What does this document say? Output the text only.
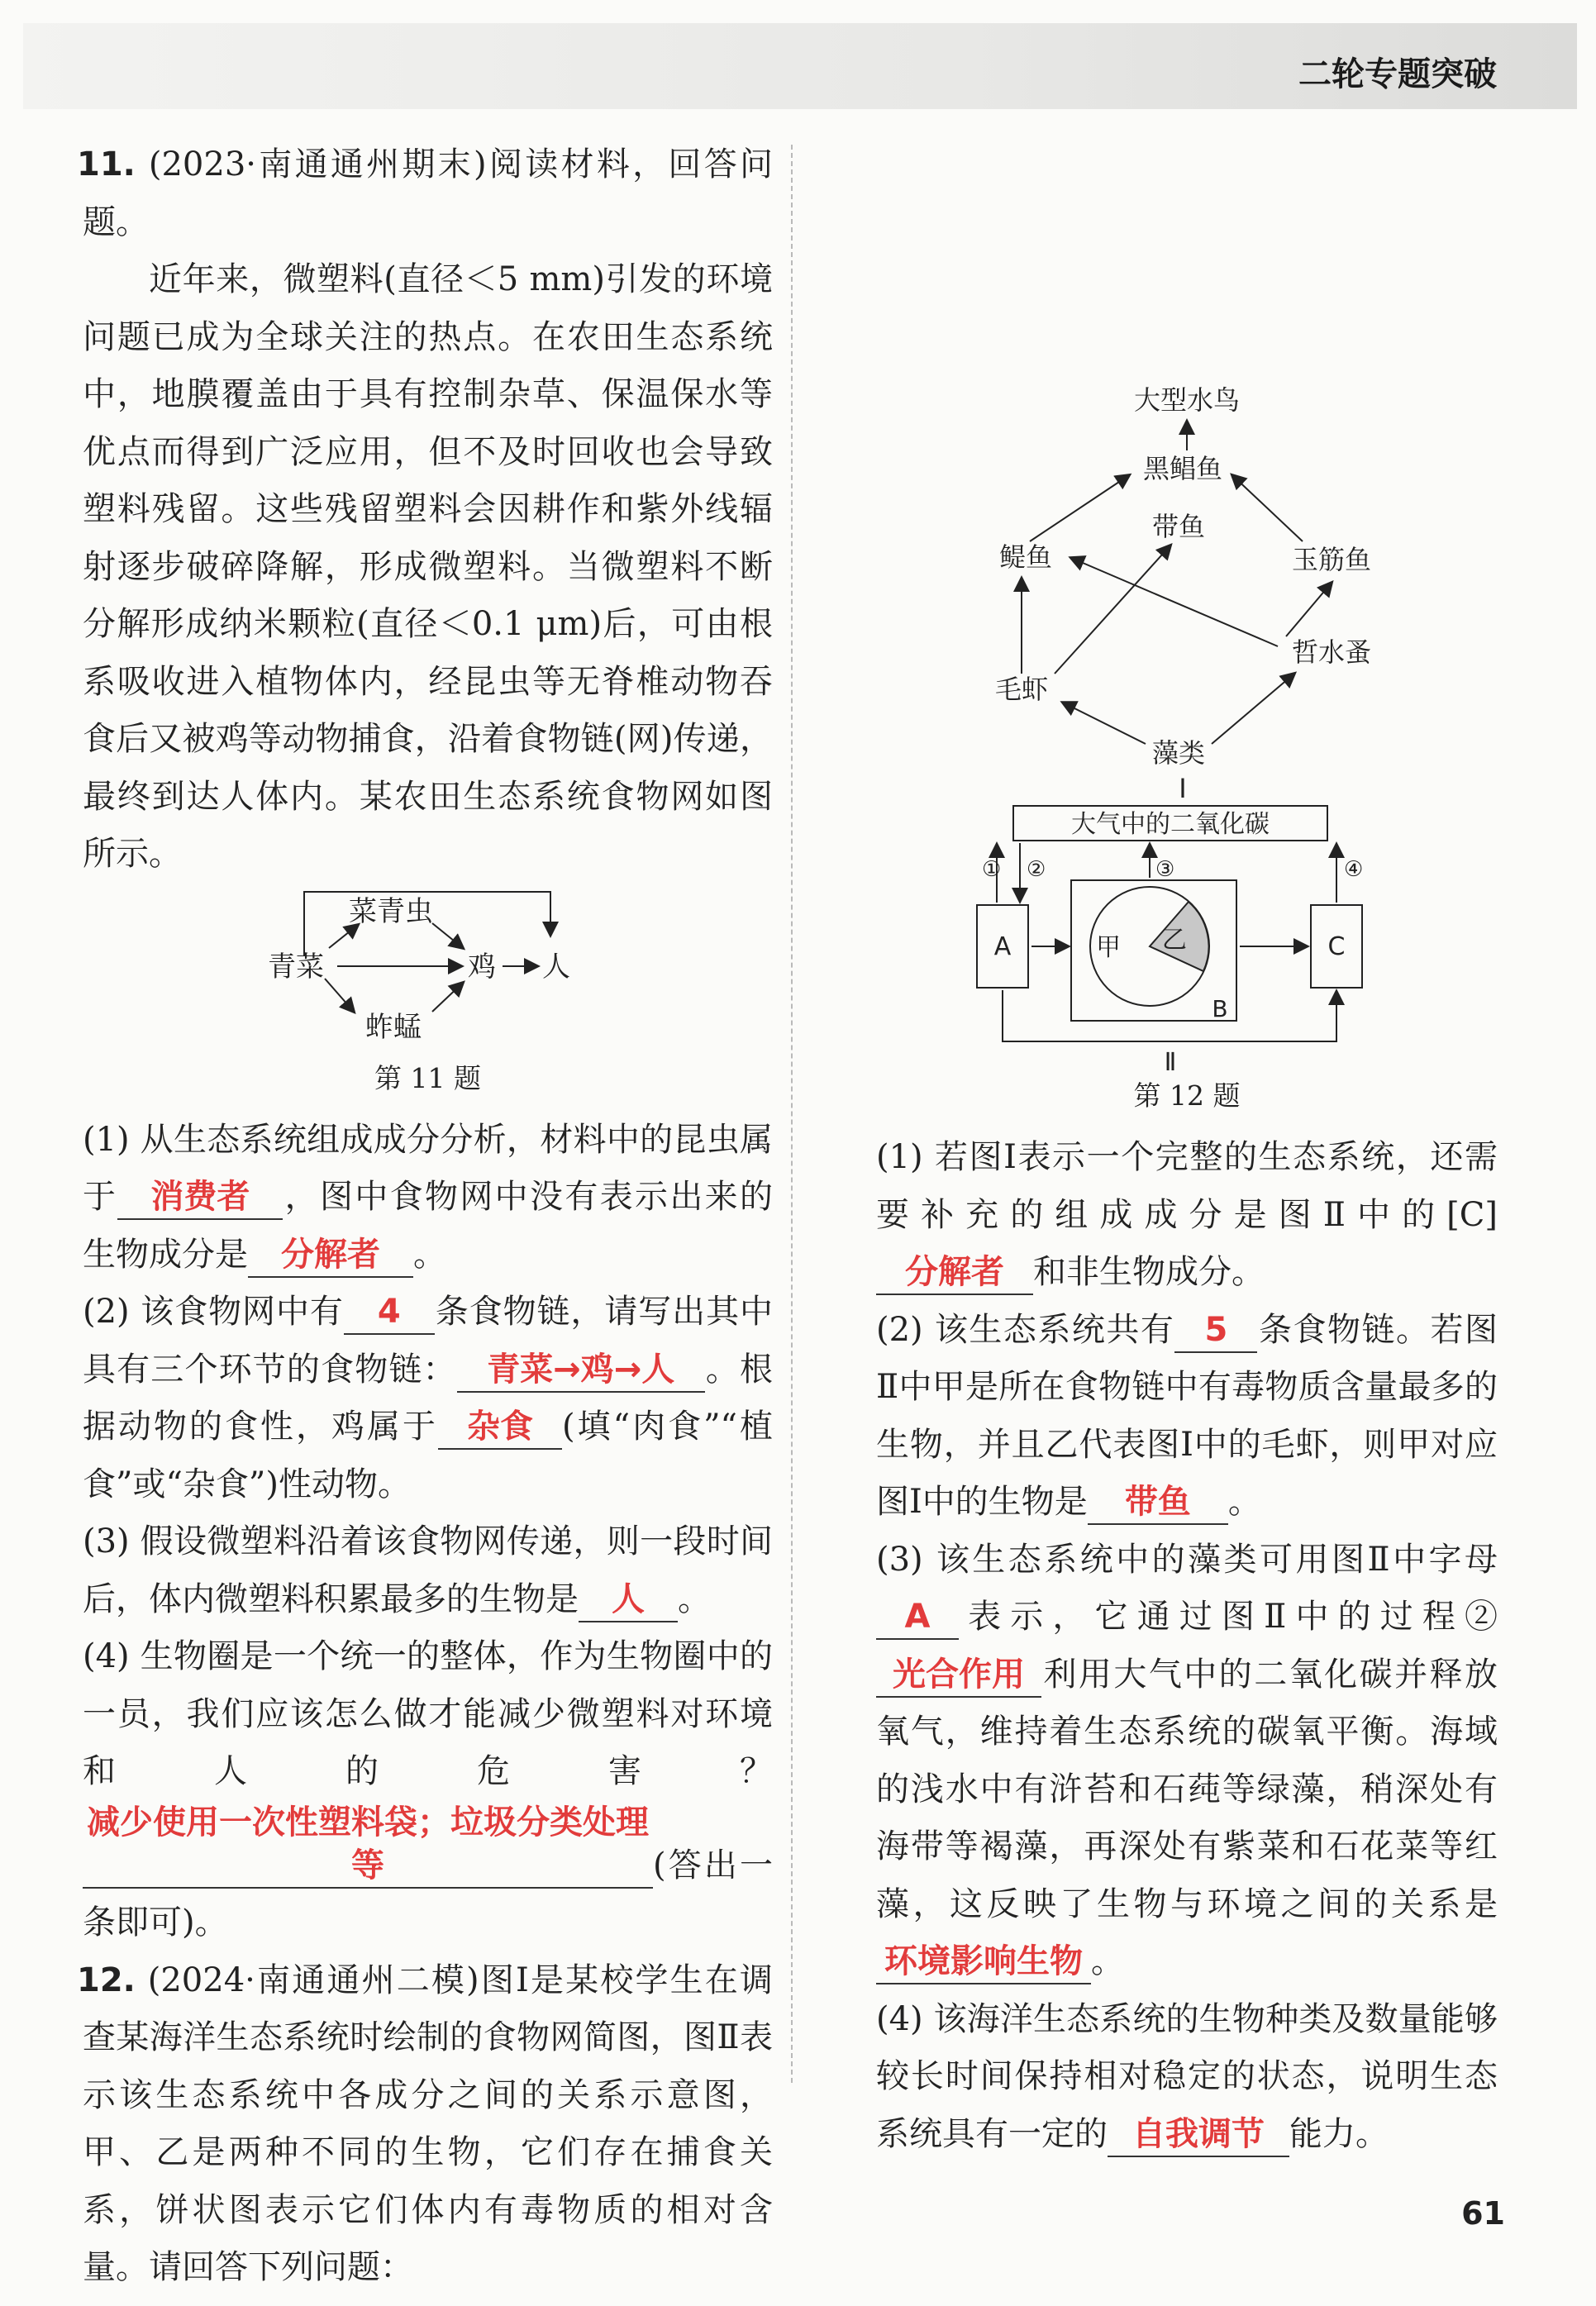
二轮专题突破

11. (2023·南通通州期末)阅读材料，回答问题。

近年来，微塑料(直径＜5 mm)引发的环境问题已成为全球关注的热点。在农田生态系统中，地膜覆盖由于具有控制杂草、保温保水等优点而得到广泛应用，但不及时回收也会导致塑料残留。这些残留塑料会因耕作和紫外线辐射逐步破碎降解，形成微塑料。当微塑料不断分解形成纳米颗粒(直径＜0.1 μm)后，可由根系吸收进入植物体内，经昆虫等无脊椎动物吞食后又被鸡等动物捕食，沿着食物链(网)传递，最终到达人体内。某农田生态系统食物网如图所示。

菜青虫
青菜	鸡 人
蚱蜢
第 11 题

(1) 从生态系统组成成分分析，材料中的昆虫属于 消费者 ，图中食物网中没有表示出来的生物成分是 分解者 。

(2) 该食物网中有 4 条食物链，请写出其中具有三个环节的食物链： 青菜→鸡→人 。根据动物的食性，鸡属于 杂食 (填“肉食”“植食”或“杂食”)性动物。

(3) 假设微塑料沿着该食物网传递，则一段时间后，体内微塑料积累最多的生物是 人 。

(4) 生物圈是一个统一的整体，作为生物圈中的一员，我们应该怎么做才能减少微塑料对环境和人的危害？减少使用一次性塑料袋；垃圾分类处理等	(答出一条即可)。

12. (2024·南通通州二模)图Ⅰ是某校学生在调查某海洋生态系统时绘制的食物网简图，图Ⅱ表示该生态系统中各成分之间的关系示意图，甲、乙是两种不同的生物，它们存在捕食关系，饼状图表示它们体内有毒物质的相对含量。请回答下列问题：

大型水鸟
黑鲳鱼
带鱼
鳀鱼	玉筋鱼
毛虾
哲水蚤
藻类
Ⅰ
大气中的二氧化碳
A	C
甲 乙
B
① ②	③	④
Ⅱ
第 12 题

(1) 若图Ⅰ表示一个完整的生态系统，还需要补充的组成成分是图Ⅱ中的[C]分解者 和非生物成分。

(2) 该生态系统共有 5 条食物链。若图Ⅱ中甲是所在食物链中有毒物质含量最多的生物，并且乙代表图Ⅰ中的毛虾，则甲对应图Ⅰ中的生物是 带鱼 。

(3) 该生态系统中的藻类可用图Ⅱ中字母A 表示，它通过图Ⅱ中的过程②光合作用 利用大气中的二氧化碳并释放氧气，维持着生态系统的碳氧平衡。海域的浅水中有浒苔和石莼等绿藻，稍深处有海带等褐藻，再深处有紫菜和石花菜等红藻，这反映了生物与环境之间的关系是环境影响生物 。

(4) 该海洋生态系统的生物种类及数量能够较长时间保持相对稳定的状态，说明生态系统具有一定的 自我调节 能力。

61
